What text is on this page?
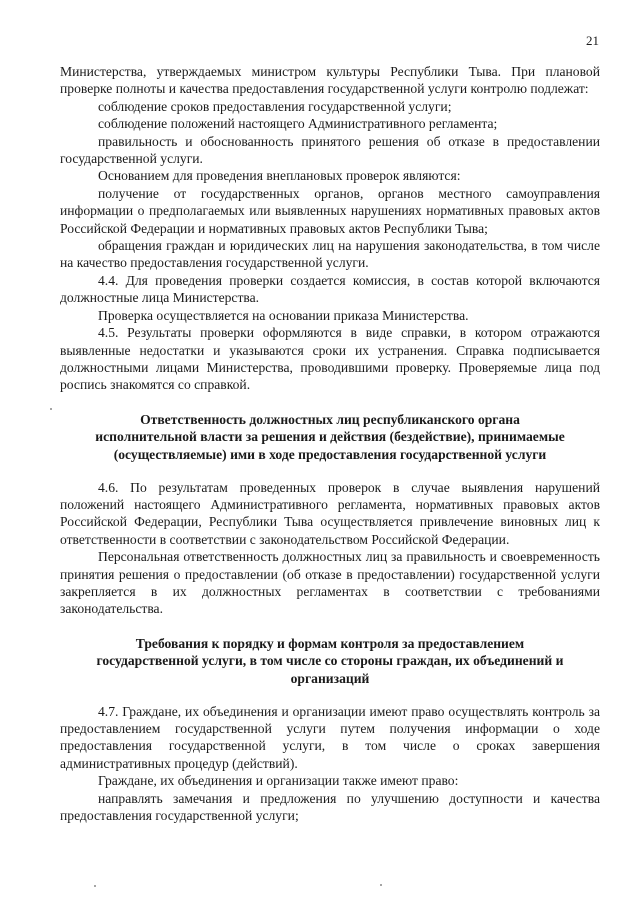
21

Министерства, утверждаемых министром культуры Республики Тыва. При плановой проверке полноты и качества предоставления государственной услуги контролю подлежат:

соблюдение сроков предоставления государственной услуги;

соблюдение положений настоящего Административного регламента;

правильность и обоснованность принятого решения об отказе в предоставлении государственной услуги.

Основанием для проведения внеплановых проверок являются:

получение от государственных органов, органов местного самоуправления информации о предполагаемых или выявленных нарушениях нормативных правовых актов Российской Федерации и нормативных правовых актов Республики Тыва;

обращения граждан и юридических лиц на нарушения законодательства, в том числе на качество предоставления государственной услуги.

4.4. Для проведения проверки создается комиссия, в состав которой включаются должностные лица Министерства.

Проверка осуществляется на основании приказа Министерства.

4.5. Результаты проверки оформляются в виде справки, в котором отражаются выявленные недостатки и указываются сроки их устранения. Справка подписывается должностными лицами Министерства, проводившими проверку. Проверяемые лица под роспись знакомятся со справкой.

Ответственность должностных лиц республиканского органа исполнительной власти за решения и действия (бездействие), принимаемые (осуществляемые) ими в ходе предоставления государственной услуги

4.6. По результатам проведенных проверок в случае выявления нарушений положений настоящего Административного регламента, нормативных правовых актов Российской Федерации, Республики Тыва осуществляется привлечение виновных лиц к ответственности в соответствии с законодательством Российской Федерации.

Персональная ответственность должностных лиц за правильность и своевременность принятия решения о предоставлении (об отказе в предоставлении) государственной услуги закрепляется в их должностных регламентах в соответствии с требованиями законодательства.

Требования к порядку и формам контроля за предоставлением государственной услуги, в том числе со стороны граждан, их объединений и организаций

4.7. Граждане, их объединения и организации имеют право осуществлять контроль за предоставлением государственной услуги путем получения информации о ходе предоставления государственной услуги, в том числе о сроках завершения административных процедур (действий).

Граждане, их объединения и организации также имеют право:

направлять замечания и предложения по улучшению доступности и качества предоставления государственной услуги;
